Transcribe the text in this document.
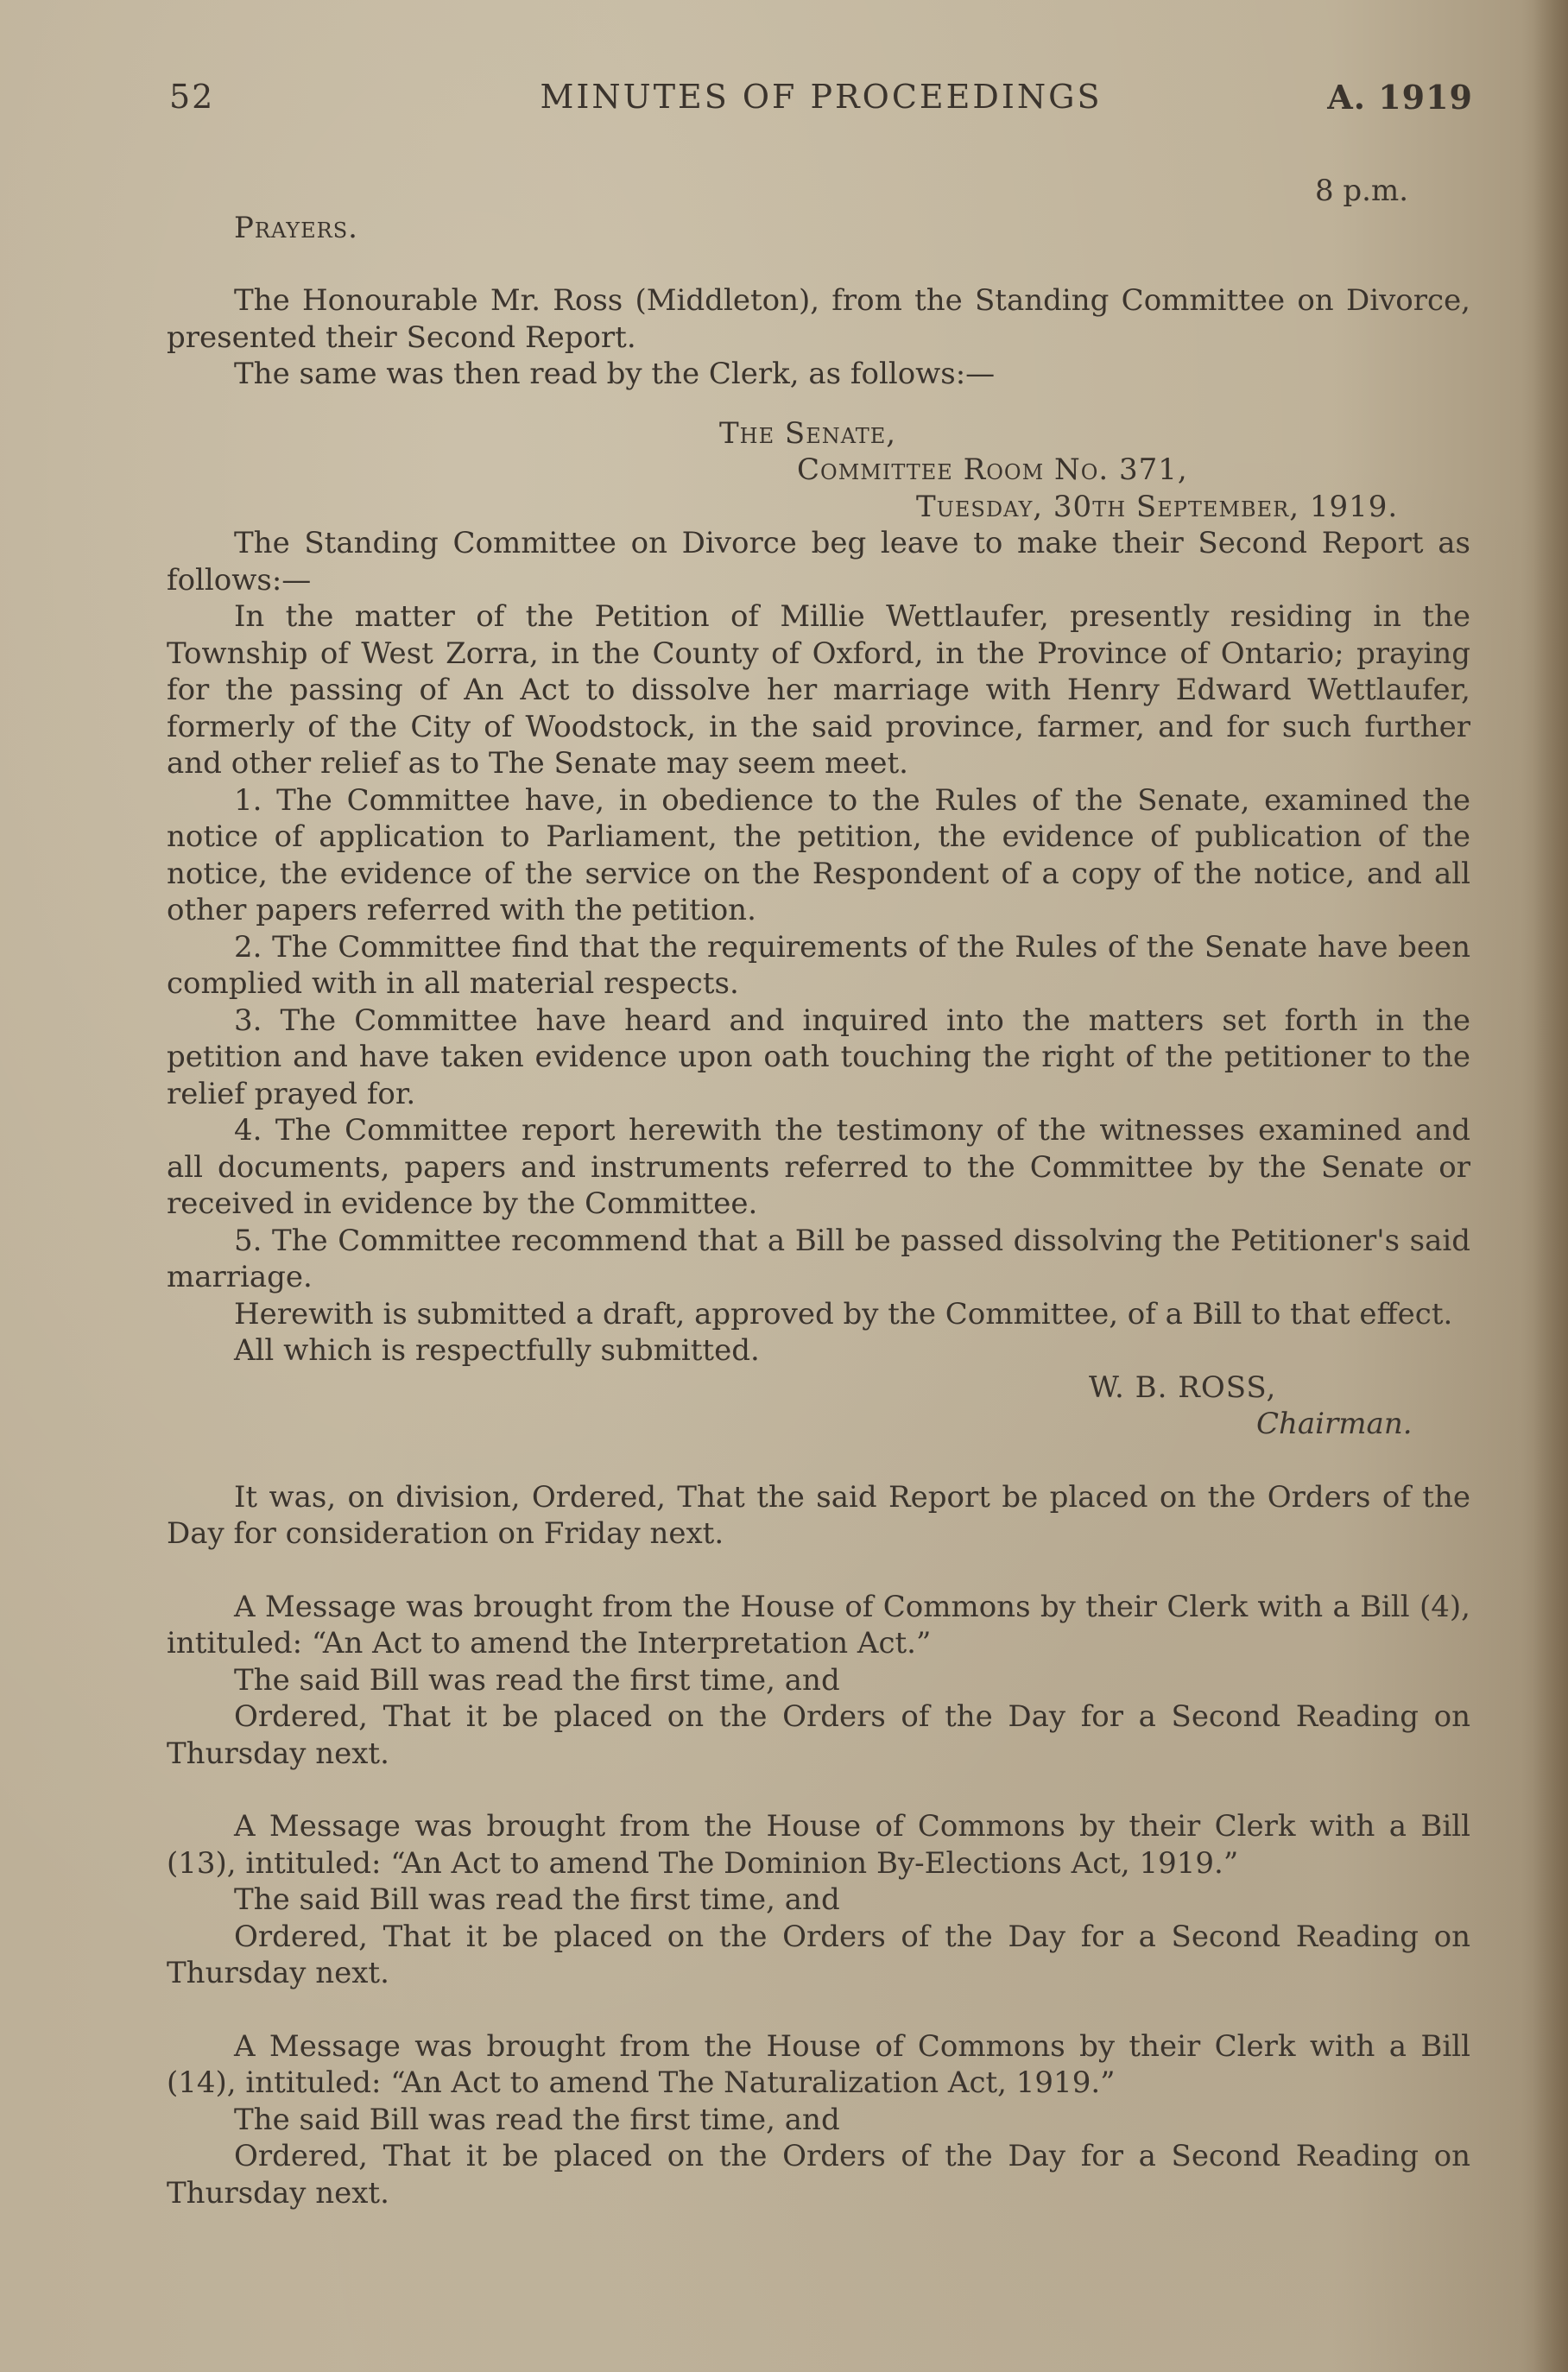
52	MINUTES OF PROCEEDINGS	A. 1919

8 p.m.

Prayers.

The Honourable Mr. Ross (Middleton), from the Standing Committee on Divorce, presented their Second Report.

The same was then read by the Clerk, as follows:—

The Senate,

Committee Room No. 371,

Tuesday, 30th September, 1919.

The Standing Committee on Divorce beg leave to make their Second Report as follows:—

In the matter of the Petition of Millie Wettlaufer, presently residing in the Township of West Zorra, in the County of Oxford, in the Province of Ontario; praying for the passing of An Act to dissolve her marriage with Henry Edward Wettlaufer, formerly of the City of Woodstock, in the said province, farmer, and for such further and other relief as to The Senate may seem meet.

1. The Committee have, in obedience to the Rules of the Senate, examined the notice of application to Parliament, the petition, the evidence of publication of the notice, the evidence of the service on the Respondent of a copy of the notice, and all other papers referred with the petition.

2. The Committee find that the requirements of the Rules of the Senate have been complied with in all material respects.

3. The Committee have heard and inquired into the matters set forth in the petition and have taken evidence upon oath touching the right of the petitioner to the relief prayed for.

4. The Committee report herewith the testimony of the witnesses examined and all documents, papers and instruments referred to the Committee by the Senate or received in evidence by the Committee.

5. The Committee recommend that a Bill be passed dissolving the Petitioner's said marriage.

Herewith is submitted a draft, approved by the Committee, of a Bill to that effect.

All which is respectfully submitted.

W. B. ROSS,

Chairman.

It was, on division, Ordered, That the said Report be placed on the Orders of the Day for consideration on Friday next.

A Message was brought from the House of Commons by their Clerk with a Bill (4), intituled: “An Act to amend the Interpretation Act.”

The said Bill was read the first time, and

Ordered, That it be placed on the Orders of the Day for a Second Reading on Thursday next.

A Message was brought from the House of Commons by their Clerk with a Bill (13), intituled: “An Act to amend The Dominion By-Elections Act, 1919.”

The said Bill was read the first time, and

Ordered, That it be placed on the Orders of the Day for a Second Reading on Thursday next.

A Message was brought from the House of Commons by their Clerk with a Bill (14), intituled: “An Act to amend The Naturalization Act, 1919.”

The said Bill was read the first time, and

Ordered, That it be placed on the Orders of the Day for a Second Reading on Thursday next.
